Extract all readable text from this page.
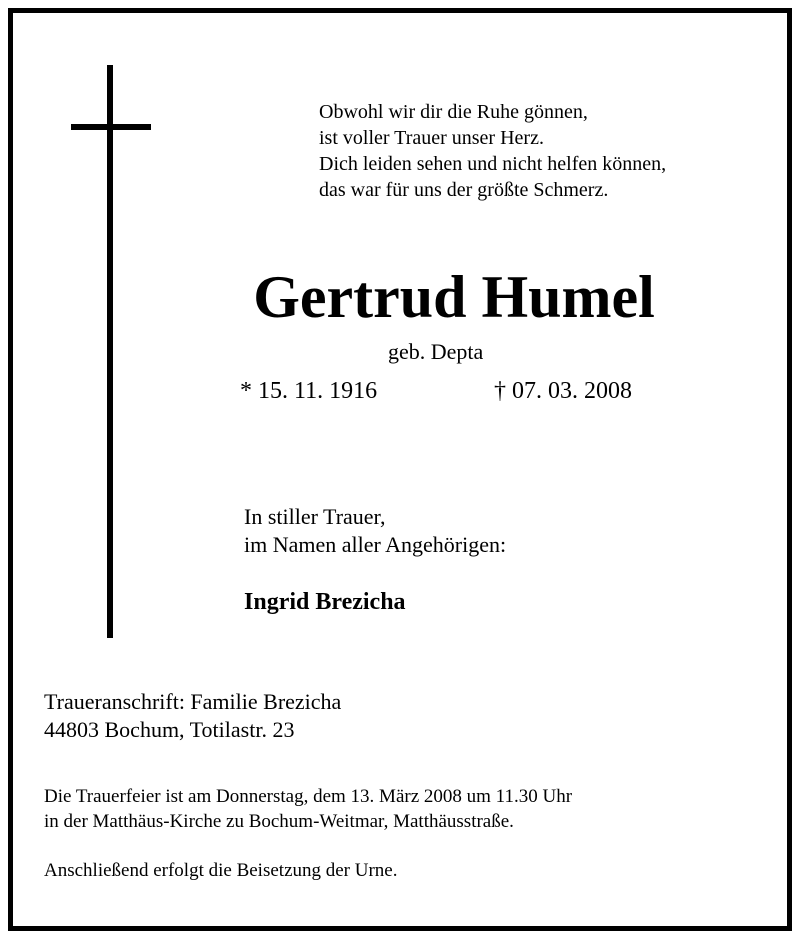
Obwohl wir dir die Ruhe gönnen,
ist voller Trauer unser Herz.
Dich leiden sehen und nicht helfen können,
das war für uns der größte Schmerz.
Gertrud Humel
geb. Depta
* 15. 11. 1916	† 07. 03. 2008
In stiller Trauer,
im Namen aller Angehörigen:
Ingrid Brezicha
Traueranschrift: Familie Brezicha
44803 Bochum, Totilastr. 23
Die Trauerfeier ist am Donnerstag, dem 13. März 2008 um 11.30 Uhr
in der Matthäus-Kirche zu Bochum-Weitmar, Matthäusstraße.
Anschließend erfolgt die Beisetzung der Urne.
